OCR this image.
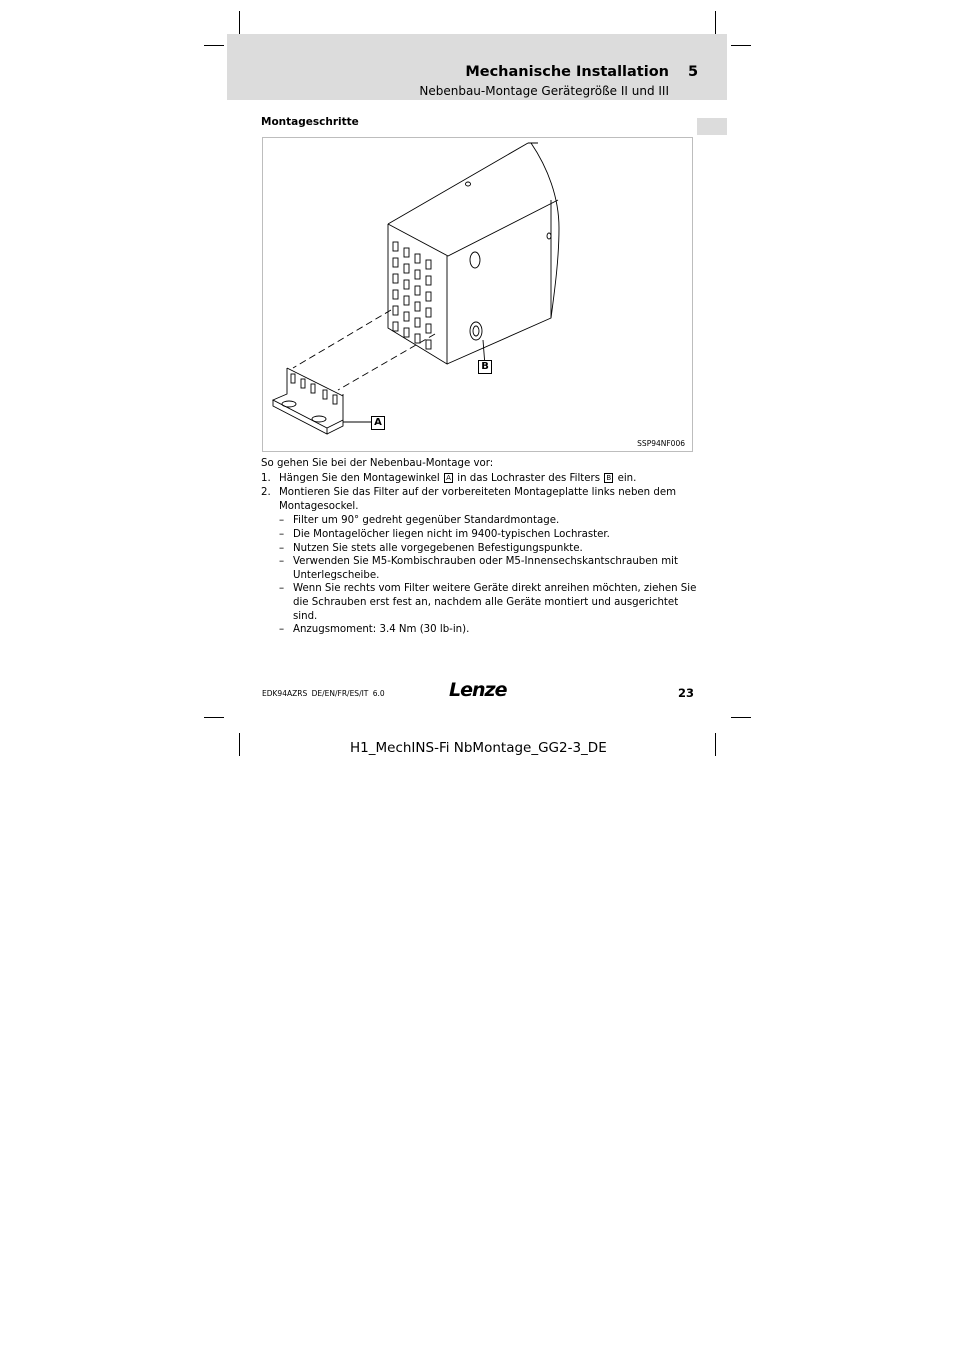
Mechanische Installation 5
Nebenbau-Montage Gerätegröße II und III
Montageschritte
B
A
SSP94NF006

So gehen Sie bei der Nebenbau-Montage vor:

1. Hängen Sie den Montagewinkel A in das Lochraster des Filters B ein.

2. Montieren Sie das Filter auf der vorbereiteten Montageplatte links neben dem Montagesockel.

– Filter um 90° gedreht gegenüber Standardmontage.

– Die Montagelöcher liegen nicht im 9400-typischen Lochraster.

– Nutzen Sie stets alle vorgegebenen Befestigungspunkte.

– Verwenden Sie M5-Kombischrauben oder M5-Innensechskantschrauben mit Unterlegscheibe.

– Wenn Sie rechts vom Filter weitere Geräte direkt anreihen möchten, ziehen Sie die Schrauben erst fest an, nachdem alle Geräte montiert und ausgerichtet sind.

– Anzugsmoment: 3.4 Nm (30 lb-in).

EDK94AZRS DE/EN/FR/ES/IT 6.0	Lenze	23
H1_MechINS-Fi NbMontage_GG2-3_DE
